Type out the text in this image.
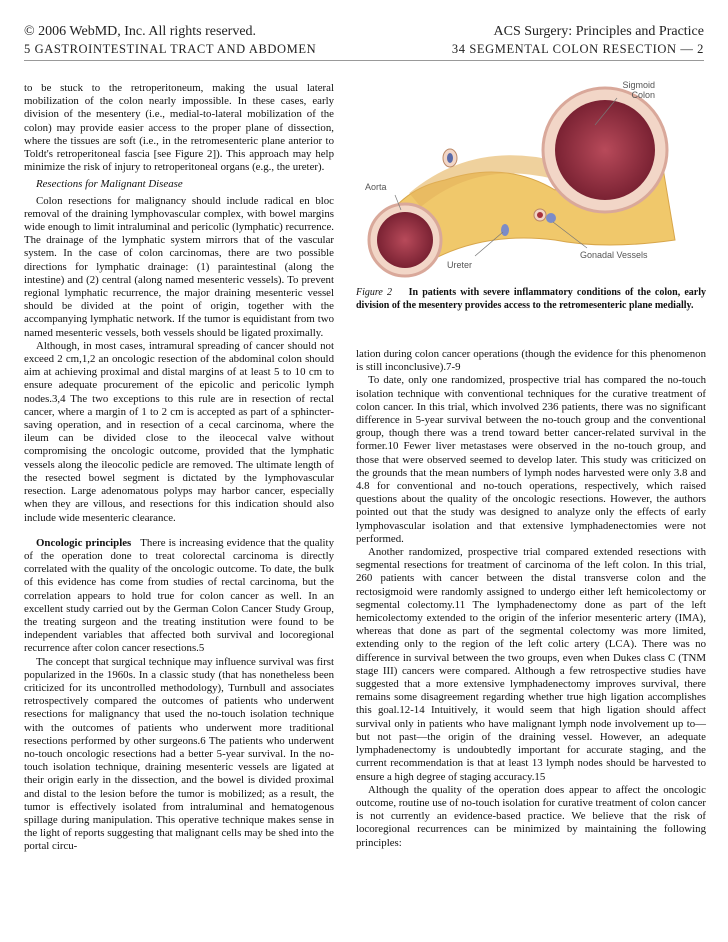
© 2006 WebMD, Inc. All rights reserved.	ACS Surgery: Principles and Practice
5 GASTROINTESTINAL TRACT AND ABDOMEN	34 SEGMENTAL COLON RESECTION — 2

to be stuck to the retroperitoneum, making the usual lateral mobilization of the colon nearly impossible. In these cases, early division of the mesentery (i.e., medial-to-lateral mobilization of the colon) may provide easier access to the proper plane of dissection, where the tissues are soft (i.e., in the retromesenteric plane anterior to Toldt's retroperitoneal fascia [see Figure 2]). This approach may help minimize the risk of injury to retroperitoneal organs (e.g., the ureter).

Resections for Malignant Disease

Colon resections for malignancy should include radical en bloc removal of the draining lymphovascular complex, with bowel margins wide enough to limit intraluminal and pericolic (lymphatic) recurrence. The drainage of the lymphatic system mirrors that of the vascular system. In the case of colon carcinomas, there are two possible directions for lymphatic drainage: (1) paraintestinal (along the intestine) and (2) central (along named mesenteric vessels). To prevent regional lymphatic recurrence, the major draining mesenteric vessel should be divided at the point of origin, together with the accompanying lymphatic network. If the tumor is equidistant from two named mesenteric vessels, both vessels should be ligated proximally.

Although, in most cases, intramural spreading of cancer should not exceed 2 cm,1,2 an oncologic resection of the abdominal colon should aim at achieving proximal and distal margins of at least 5 to 10 cm to ensure adequate procurement of the epicolic and pericolic lymph nodes.3,4 The two exceptions to this rule are in resection of rectal cancer, where a margin of 1 to 2 cm is accepted as part of a sphincter-saving operation, and in resection of a cecal carcinoma, where the ileum can be divided close to the ileocecal valve without compromising the oncologic outcome, provided that the lymphatic vessels along the ileocolic pedicle are removed. The ultimate length of the resected bowel segment is dictated by the lymphovascular resection. Large adenomatous polyps may harbor cancer, especially when they are villous, and resections for this indication should also include wide mesenteric clearance.

Oncologic principles There is increasing evidence that the quality of the operation done to treat colorectal carcinoma is directly correlated with the quality of the oncologic outcome. To date, the bulk of this evidence has come from studies of rectal carcinoma, but the correlation appears to hold true for colon cancer as well. In an excellent study carried out by the German Colon Cancer Study Group, the treating surgeon and the treating institution were found to be independent variables that affected both survival and locoregional recurrence after colon cancer resections.5

The concept that surgical technique may influence survival was first popularized in the 1960s. In a classic study (that has nonetheless been criticized for its uncontrolled methodology), Turnbull and associates retrospectively compared the outcomes of patients who underwent resections for malignancy that used the no-touch isolation technique with the outcomes of patients who underwent more traditional resections performed by other surgeons.6 The patients who underwent no-touch oncologic resections had a better 5-year survival. In the no-touch isolation technique, draining mesenteric vessels are ligated at their origin early in the dissection, and the bowel is divided proximal and distal to the lesion before the tumor is mobilized; as a result, the tumor is effectively isolated from intraluminal and hematogenous spillage during manipulation. This operative technique makes sense in the light of reports suggesting that malignant cells may be shed into the portal circu-

Sigmoid
Colon
Aorta
Ureter
Gonadal Vessels
Figure 2 In patients with severe inflammatory conditions of the colon, early division of the mesentery provides access to the retromesenteric plane medially.

lation during colon cancer operations (though the evidence for this phenomenon is still inconclusive).7-9

To date, only one randomized, prospective trial has compared the no-touch isolation technique with conventional techniques for the curative treatment of colon cancer. In this trial, which involved 236 patients, there was no significant difference in 5-year survival between the no-touch group and the conventional group, though there was a trend toward better cancer-related survival in the former.10 Fewer liver metastases were observed in the no-touch group, and those that were observed seemed to develop later. This study was criticized on the grounds that the mean numbers of lymph nodes harvested were only 3.8 and 4.8 for conventional and no-touch operations, respectively, which raised questions about the quality of the oncologic resections. However, the authors pointed out that the study was designed to analyze only the effects of early lymphovascular isolation and that extensive lymphadenectomies were not performed.

Another randomized, prospective trial compared extended resections with segmental resections for treatment of carcinoma of the left colon. In this trial, 260 patients with cancer between the distal transverse colon and the rectosigmoid were randomly assigned to undergo either left hemicolectomy or segmental colectomy.11 The lymphadenectomy done as part of the left hemicolectomy extended to the origin of the inferior mesenteric artery (IMA), whereas that done as part of the segmental colectomy was more limited, extending only to the region of the left colic artery (LCA). There was no difference in survival between the two groups, even when Dukes class C (TNM stage III) cancers were compared. Although a few retrospective studies have suggested that a more extensive lymphadenectomy improves survival, there remains some disagreement regarding whether true high ligation accomplishes this goal.12-14 Intuitively, it would seem that high ligation should affect survival only in patients who have malignant lymph node involvement up to—but not past—the origin of the draining vessel. However, an adequate lymphadenectomy is undoubtedly important for accurate staging, and the current recommendation is that at least 13 lymph nodes should be harvested to ensure a high degree of staging accuracy.15

Although the quality of the operation does appear to affect the oncologic outcome, routine use of no-touch isolation for curative treatment of colon cancer is not currently an evidence-based practice. We believe that the risk of locoregional recurrences can be minimized by maintaining the following principles:
